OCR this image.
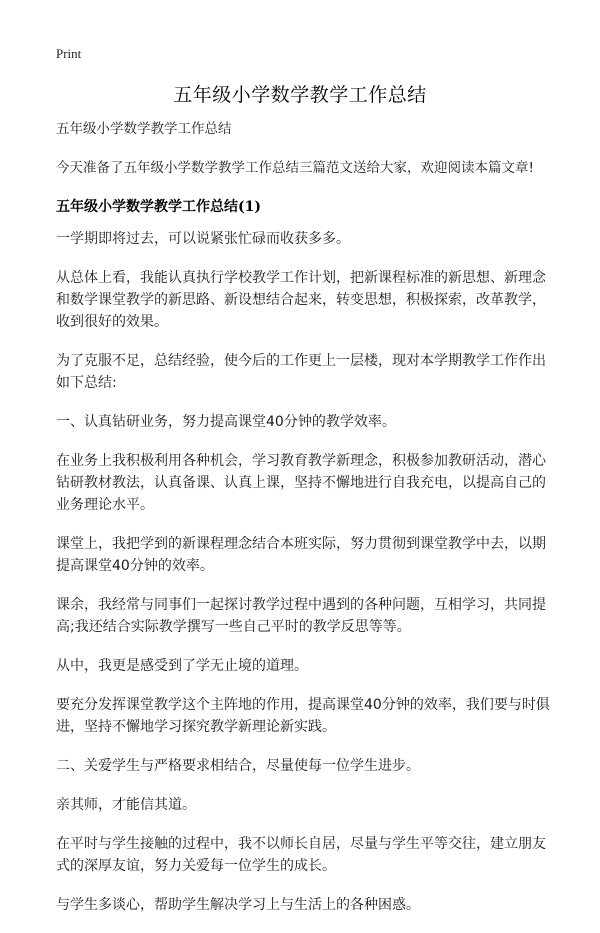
Print
五年级小学数学教学工作总结

五年级小学数学教学工作总结

今天准备了五年级小学数学教学工作总结三篇范文送给大家，欢迎阅读本篇文章!

五年级小学数学教学工作总结(1)

一学期即将过去，可以说紧张忙碌而收获多多。

从总体上看，我能认真执行学校教学工作计划，把新课程标准的新思想、新理念和数学课堂教学的新思路、新设想结合起来，转变思想，积极探索，改革教学，收到很好的效果。

为了克服不足，总结经验，使今后的工作更上一层楼，现对本学期教学工作作出如下总结:

一、认真钻研业务，努力提高课堂40分钟的教学效率。

在业务上我积极利用各种机会，学习教育教学新理念，积极参加教研活动，潜心钻研教材教法，认真备课、认真上课，坚持不懈地进行自我充电，以提高自己的业务理论水平。

课堂上，我把学到的新课程理念结合本班实际，努力贯彻到课堂教学中去，以期提高课堂40分钟的效率。

课余，我经常与同事们一起探讨教学过程中遇到的各种问题，互相学习，共同提高;我还结合实际教学撰写一些自己平时的教学反思等等。

从中，我更是感受到了学无止境的道理。

要充分发挥课堂教学这个主阵地的作用，提高课堂40分钟的效率，我们要与时俱进，坚持不懈地学习探究教学新理论新实践。

二、关爱学生与严格要求相结合，尽量使每一位学生进步。

亲其师，才能信其道。

在平时与学生接触的过程中，我不以师长自居，尽量与学生平等交往，建立朋友式的深厚友谊，努力关爱每一位学生的成长。

与学生多谈心，帮助学生解决学习上与生活上的各种困惑。
